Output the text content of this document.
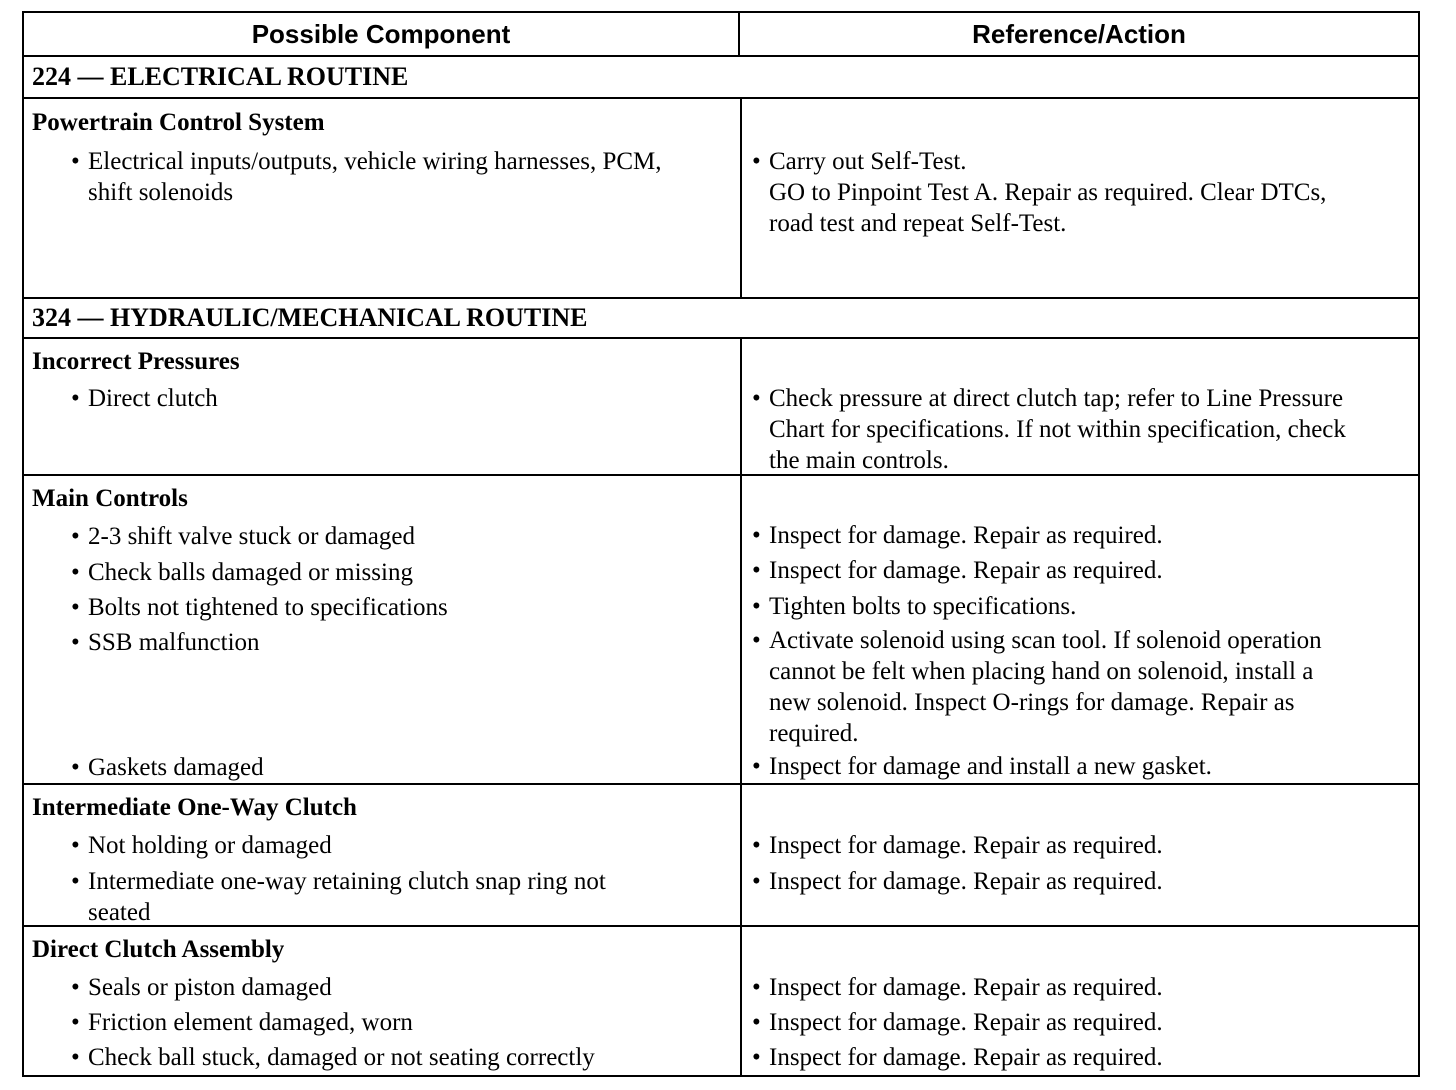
Possible Component	Reference/Action
224 — ELECTRICAL ROUTINE
Powertrain Control System
• Electrical inputs/outputs, vehicle wiring harnesses, PCM,
shift solenoids
• Carry out Self-Test.
GO to Pinpoint Test A. Repair as required. Clear DTCs,
road test and repeat Self-Test.
324 — HYDRAULIC/MECHANICAL ROUTINE
Incorrect Pressures
• Direct clutch	• Check pressure at direct clutch tap; refer to Line Pressure
Chart for specifications. If not within specification, check
the main controls.
Main Controls
• 2-3 shift valve stuck or damaged
• Check balls damaged or missing
• Bolts not tightened to specifications
• SSB malfunction
• Gaskets damaged
• Inspect for damage. Repair as required.
• Inspect for damage. Repair as required.
• Tighten bolts to specifications.
• Activate solenoid using scan tool. If solenoid operation
cannot be felt when placing hand on solenoid, install a
new solenoid. Inspect O-rings for damage. Repair as
required.
• Inspect for damage and install a new gasket.
Intermediate One-Way Clutch
• Not holding or damaged
• Intermediate one-way retaining clutch snap ring not
seated
• Inspect for damage. Repair as required.
• Inspect for damage. Repair as required.
Direct Clutch Assembly
• Seals or piston damaged
• Friction element damaged, worn
• Check ball stuck, damaged or not seating correctly
• Inspect for damage. Repair as required.
• Inspect for damage. Repair as required.
• Inspect for damage. Repair as required.
